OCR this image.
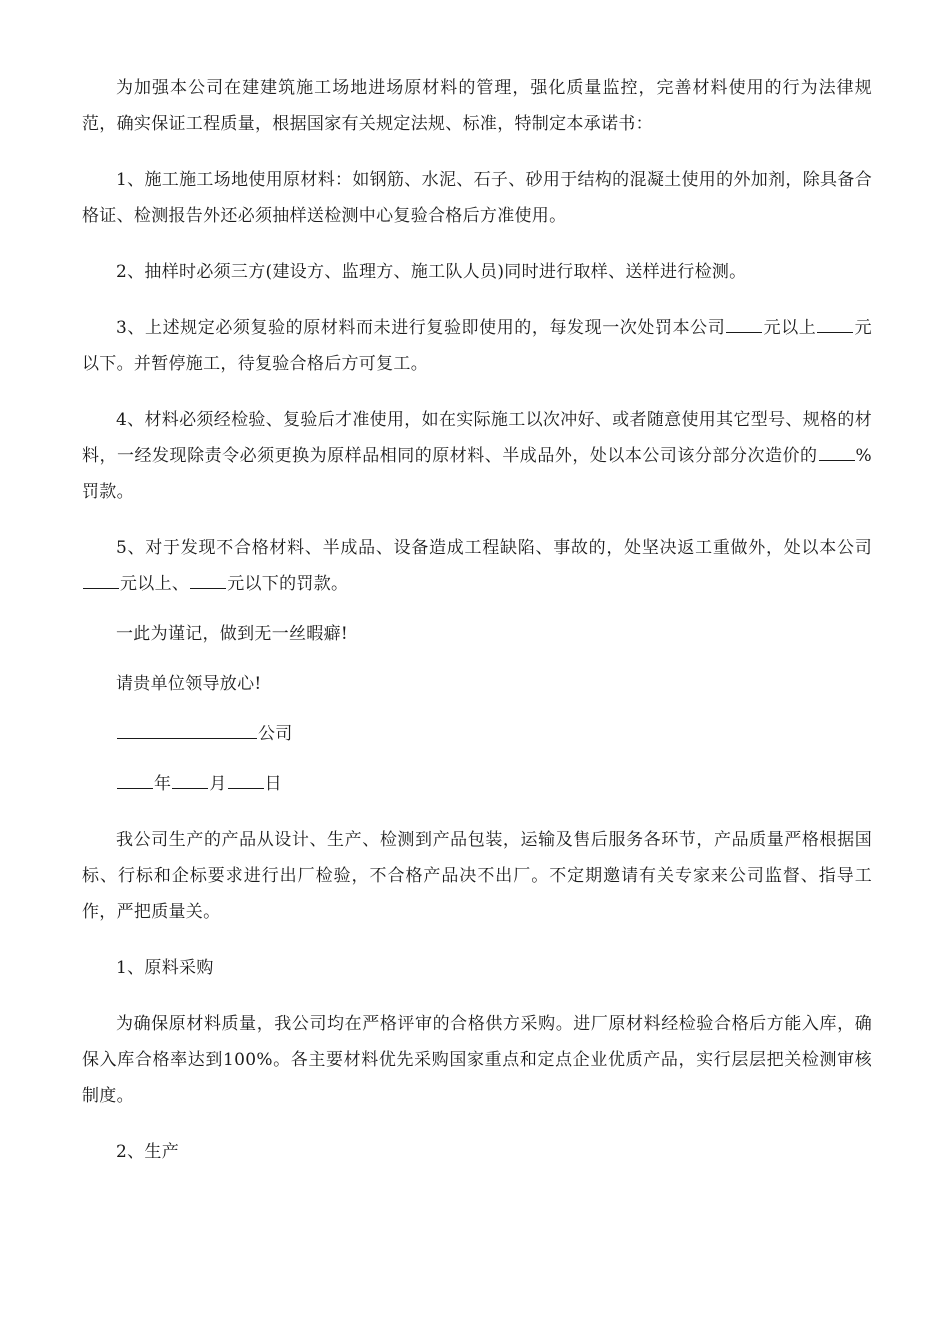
为加强本公司在建建筑施工场地进场原材料的管理，强化质量监控，完善材料使用的行为法律规范，确实保证工程质量，根据国家有关规定法规、标准，特制定本承诺书：

1、施工施工场地使用原材料：如钢筋、水泥、石子、砂用于结构的混凝土使用的外加剂，除具备合格证、检测报告外还必须抽样送检测中心复验合格后方准使用。

2、抽样时必须三方(建设方、监理方、施工队人员)同时进行取样、送样进行检测。

3、上述规定必须复验的原材料而未进行复验即使用的，每发现一次处罚本公司 元以上 元以下。并暂停施工，待复验合格后方可复工。

4、材料必须经检验、复验后才准使用，如在实际施工以次冲好、或者随意使用其它型号、规格的材料，一经发现除责令必须更换为原样品相同的原材料、半成品外，处以本公司该分部分次造价的 %罚款。

5、对于发现不合格材料、半成品、设备造成工程缺陷、事故的，处坚决返工重做外，处以本公司元以上、 元以下的罚款。

一此为谨记，做到无一丝暇癖!

请贵单位领导放心!

公司

年 月 日

我公司生产的产品从设计、生产、检测到产品包装，运输及售后服务各环节，产品质量严格根据国标、行标和企标要求进行出厂检验，不合格产品决不出厂。不定期邀请有关专家来公司监督、指导工作，严把质量关。

1、原料采购

为确保原材料质量，我公司均在严格评审的合格供方采购。进厂原材料经检验合格后方能入库，确保入库合格率达到100%。各主要材料优先采购国家重点和定点企业优质产品，实行层层把关检测审核制度。

2、生产
